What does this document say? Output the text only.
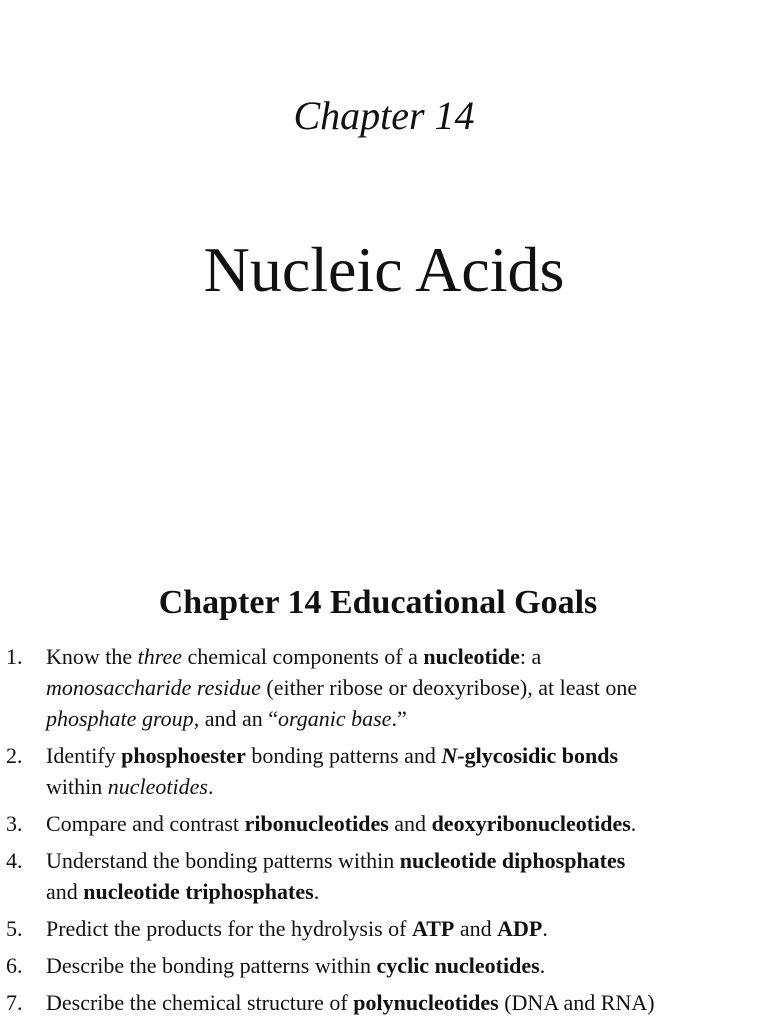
Chapter 14
Nucleic Acids
Chapter 14 Educational Goals
1. Know the three chemical components of a nucleotide: a
monosaccharide residue (either ribose or deoxyribose), at least one
phosphate group, and an “organic base.”
2. Identify phosphoester bonding patterns and N-glycosidic bonds
within nucleotides.
3. Compare and contrast ribonucleotides and deoxyribonucleotides.
4. Understand the bonding patterns within nucleotide diphosphates
and nucleotide triphosphates.
5. Predict the products for the hydrolysis of ATP and ADP.
6. Describe the bonding patterns within cyclic nucleotides.
7. Describe the chemical structure of polynucleotides (DNA and RNA)
